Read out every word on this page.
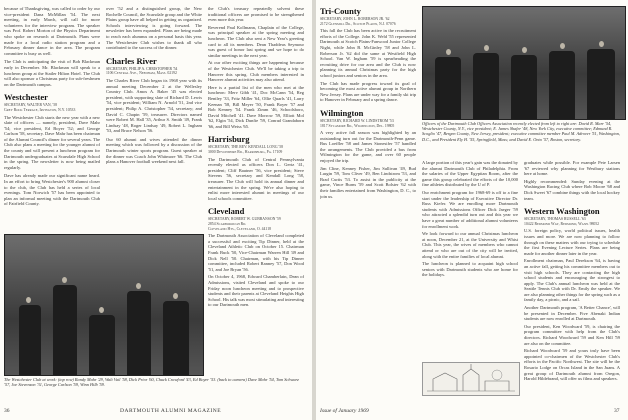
because of Thanksgiving, was called to order by our vice-president Dana McMillan '54. The next meeting, in early March, will call for more volunteers for the interview program. The speaker was Prof. Robert Morton of the Physics Department who spoke on research at Dartmouth. Plans were made for a local radio station program and a February dinner dance in the area. The program committee is busy as well.
The Club is anticipating the visit of Bob Blackman early in December. Mr. Blackman will speak to a luncheon group at the Statler Hilton Hotel. The Club will also sponsor a Christmas party for sub-freshmen on the Dartmouth campus.
Westchester
SECRETARY, WALTER VAN, '58
Grey Rock Terrace, Irvington, N.Y. 10533
The Westchester Club starts the new year with a new slate of officers — namely, president, Dave Mahr '54; vice president, Ed Boyer '52; and George Carlson '58, secretary. Dave Mahr has been chairman of the Alumni Council's dinner for several years. The Club also plans a meeting for the younger alumni of the county and will present a luncheon program for Dartmouth undergraduates at Scarsdale High School in the spring. The newsletter is now being mailed regularly.
Dave has already made our significant name heard. In an effort to bring Westchester's 900 alumni closer to the club, the Club has held a series of local evenings. Tom Norwich '57 has been appointed to plan an informal meeting with the Dartmouth Club of Fairfield County.
over '52 and a distinguished group, the New Rochelle Council, the Scarsdale group and the White Plains group have all helped in getting us organized. Schools interviewing is going forward. The newsletter has been expanded. Plans are being made to reach each alumnus on a personal basis this year. The Westchester Club wishes to thank all who contributed to the success of the dinner.
Charles River
SECRETARY, PHILIP A. CHRISTOPHER '54
1106 Central Ave., Needham, Mass. 02192
The Charles River Club began its 1968 year with its annual meeting December 2 at the Wellesley Country Club. Amos A. Baker '45 was elected president, with supporting slate of Richard D. Lewis '54, vice president; William N. Arnold '51, 2nd vice president; Philip A. Christopher '54, secretary; and David C. Chapin '59, treasurer. Directors named were Robert M. Hall '35, Arthur S. Smith '49, Frank Lindsay '48, Roger Lindsay '49, Robert L. Ingham '53, and Bruce Nelson '56.
Our 60 alumni and wives attended the dinner meeting which was followed by a discussion of the Dartmouth winter sports program. Guest speaker at the dinner was Coach John Whitmore '66. The Club plans a Hanover football weekend next fall.
the Club's treasury repeatedly solvent these traditional officers are promised to be strengthened even more this year.
Reverend Paul Kollmann, Chaplain of the College, was principal speaker at the spring meeting and luncheon. The Club also sent a New Year's greeting card to all its members. Dean Thaddeus Seymour was guest of honor last spring and we hope to do similar meetings in the next year.
At our other exciting things are happening because of the Westchester Club. We'll be taking a trip to Hanover this spring. Club members interested in Hanover alumni activities may also attend.
Here is a partial list of the men who met at the luncheon: Merv Gibb '41, Doc McCann '54, Reg Bentley '33, Fritz Miller '64, Ollie Quarls '41, Larry Keenan '58, Bill Meyer '50, Frank Boyer '57 and Bob Kenney '54. Frank Zimm '46, Schoolsboro, David Mitchell '41. Dave Morrow '59, Elliott Mol '62, Elgin '54, Dick Dunfie '59, Conrad Grandaborn '66, and Bill Weiss '65.
Harrisburg
SECRETARY, THE REV. KENDALL LONG '58
3000 Devonshire Rd., Harrisburg, Pa. 17109
The Dartmouth Club of Central Pennsylvania recently elected as officers Don L. Gertz '41, president; Cliff Bautner '56, vice president; Steve Stevens '56, secretary and Kendall Long '58, treasurer. The Club will hold its annual dinner and entertainment in the spring. We're also hoping to enlist more interested alumni in meetings of our local schools committee.
Cleveland
SECRETARY, ROBERT W. GUBBANSON '59
2854 Scarborough Rd.
Cleveland Hts., Cleveland, O. 44118
The Dartmouth Association of Cleveland completed a successful and exciting Tip Dinner, held at the Cleveland Athletic Club on October 15. Chairman Frank Buck '50, Vice-Chairman Warren Hill '49 and Dick Nell '50. Chairman, with his Tip Dinner committee, included Robert Ranney '57, Don Wood '51, and Joe Bryan '56.
On October 4, 1968, Edward Chamberlain, Dean of Admissions, visited Cleveland and spoke to our Friday noon luncheon meeting and to prospective students and their parents at Cleveland Heights High School. His talk was most stimulating and interesting to our Dartmouth men.
The Westchester Club at work: (top row) Randy Mahr '29, Walt Vail '58, Dick Prior '60, Chuck Crawford '43, Ed Boyer '53. (back to camera) Dave Mahr '54, Tom Schwarz '57, Joe Stevenson '31, George Carlson '59, Winn Hilb '59.
36	DARTMOUTH ALUMNI MAGAZINE
Tri-County
SECRETARY, JOHN L. ROBERSON JR. '62
2172 Glenmill Dr., Scotch Plains, N.J. 07076
This fall the Club has been active in the recruitment efforts of the College. John K. Weld '55 represented Dartmouth at Scotch Plains-Fanwood Junior College Night, while John B. McGinley '58 and John L. Roberson Jr. '62 did the same at Westfield High School. Van W. Ingham '59 is spearheading the recruiting drive for our area and the Club is now planning its annual Christmas party for the high school juniors and seniors in the area.
The Club has made progress toward its goal of becoming the most active alumni group in Northern New Jersey. Plans are under way for a family ski trip to Hanover in February and a spring dance.
Wilmington
SECRETARY, RICHARD W. LINDSTROM '53
1817 Sycamore Rd., Wilmington, Del. 19805
A very active fall season was highlighted by an outstanding turn out for the Dartmouth-Penn game. Bus Loeffler '58 and James Stonesifer '57 handled the arrangements. The Club provided a bus from Wilmington for the game, and over 60 people enjoyed the trip.
Jim Cline, Kenney Fisher, Jim Sullivan '49, Bud Lurgin '59, Tom Cliver '49, Ben Lindstrom '53, and Brad Curtis '53. To assist in the publicity at the game, Vince Burns '59 and Scott Bolster '62 with their families entertained from Washington, D. C., to join us.
Officers of the Dartmouth Club Officers Association recently elected from left to right are: David R. Marr '54, Westchester County, N.Y., vice president; E. James Shafer '48, New York City, executive committee; Edmund R. Scoglio '47, Bergen County, New Jersey, president; executive committee member Paul M. Adrover '51, Washington, D.C., and President Ely H. '55, Springfield, Mass; and David E. Onto '57, Boston, secretary.
A large portion of this year's gain was the donated by the alumni Dartmouth Club of Philadelphia. From the salaries of the Upper Egyptian Room, after the game this group celebrated the efforts of the 10,000 fine athletes distributed by the U of P.
Our enrichment program for 1968-69 is off to a fine start under the leadership of Executive Director Dr. Russ Kiefer. We are enrolling more Dartmouth students with Admissions Officer Dick Jaeger '59 who attracted a splendid turn out and this year we have a great number of additional alumni volunteers for enrollment work.
We look forward to our annual Christmas luncheon at noon, December 21, at the University and Whist Club. This year, the wives of members who cannot attend or who are out of the city will be invited, along with the entire families of local alumni.
The luncheon is planned to acquaint high school seniors with Dartmouth students who are home for the holidays.
graduates while possible. For example Pete Larsen '67 reviewed why planning for Westbury stations here at home.
Highly recommended: Sunday evening at the Washington Racing Club where Bob Moore '68 and Dick Sweet '67 combine things with the local hockey team.
Western Washington
SECRETARY, THOMAS RUSSELL '63
10422 Redmond Way, Redmond, Wash. 98052
U.S. foreign policy, world political issues, health issues and more. We are now planning to follow through on these matters with our trying to schedule the first Evening Lecture Series. Plans are being made for another dinner later in the year.
Enrollment chairman, Paul Derekson '64, is having an active fall, getting his committee members out to visit high schools. They are contacting the high school students and encouraging the strongest to apply. The Club's annual luncheon was held at the Seattle Tennis Club with Dr. Emily the speaker. We are also planning other things for the spring such as a family day, a picnic, and a sail.
Another Dartmouth program, 'A Better Chance', will be presented in December. Five Abenaki Indian students are now enrolled at Dartmouth.
Our president, Ken Woodward '59, is chairing the program committee with help from the Club's directors. Richard Woodward '59 and Ken Hill '59 are also on the committee.
Richard Woodward '59 and yours truly have been appointed co-chairmen of the Westchester Club's efforts in the Pacific Northwest. The site will be the Rosario Lodge on Orcas Island in the San Juans. A great group of Dartmouth alumni from Oregon, Harold Hildebrand, will offer us films and speakers.
Issue of January 1969	37
